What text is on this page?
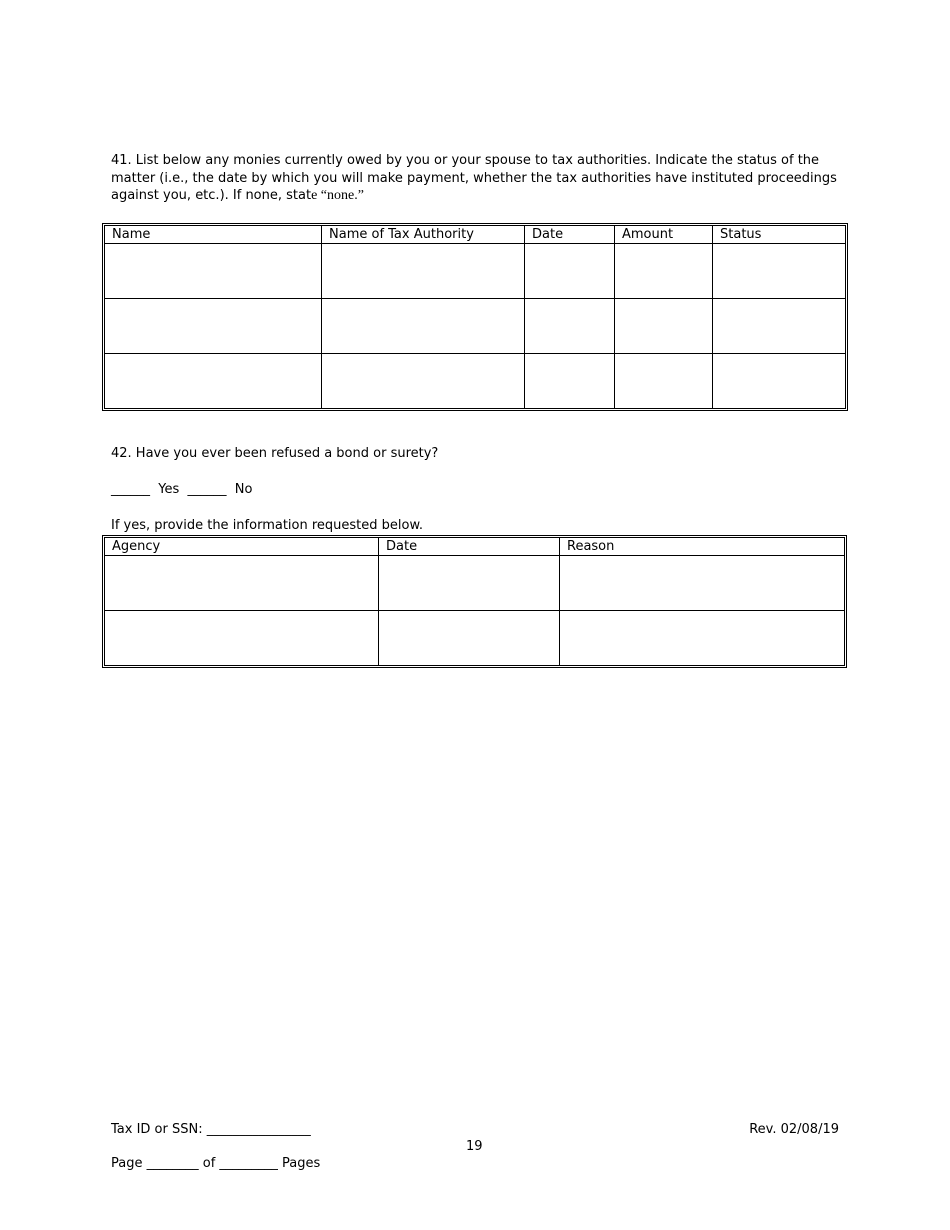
41. List below any monies currently owed by you or your spouse to tax authorities. Indicate the status of the matter (i.e., the date by which you will make payment, whether the tax authorities have instituted proceedings against you, etc.). If none, state “none.”

Name	Name of Tax Authority	Date	Amount	Status

42. Have you ever been refused a bond or surety?

______  Yes  ______  No

If yes, provide the information requested below.

Agency	Date	Reason

Tax ID or SSN: ________________

19

Rev. 02/08/19

Page ________ of _________ Pages
